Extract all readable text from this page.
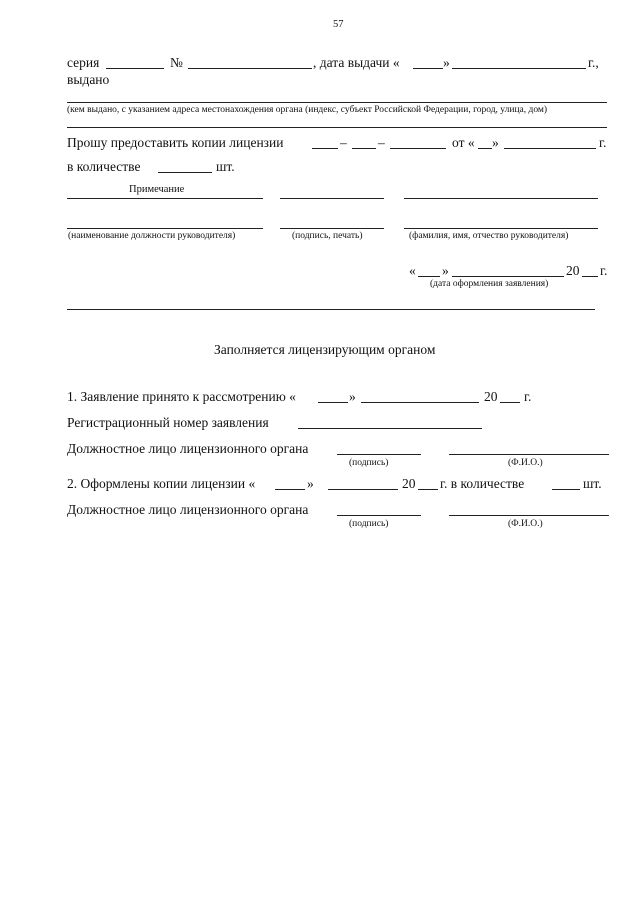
57
серия	№	, дата выдачи «	»	г.,
выдано
(кем выдано, с указанием адреса местонахождения органа (индекс, субъект Российской Федерации, город, улица, дом)
Прошу предоставить копии лицензии	– –	от « »	г.
в количестве	шт.
Примечание
(наименование должности руководителя)	(подпись, печать)	(фамилия, имя, отчество руководителя)
« »	20 г.
(дата оформления заявления)
Заполняется лицензирующим органом
1. Заявление принято к рассмотрению «	»	20 г.
Регистрационный номер заявления
Должностное лицо лицензионного органа
(подпись)	(Ф.И.О.)
2. Оформлены копии лицензии «	»	20 г. в количестве	шт.
Должностное лицо лицензионного органа
(подпись)	(Ф.И.О.)
